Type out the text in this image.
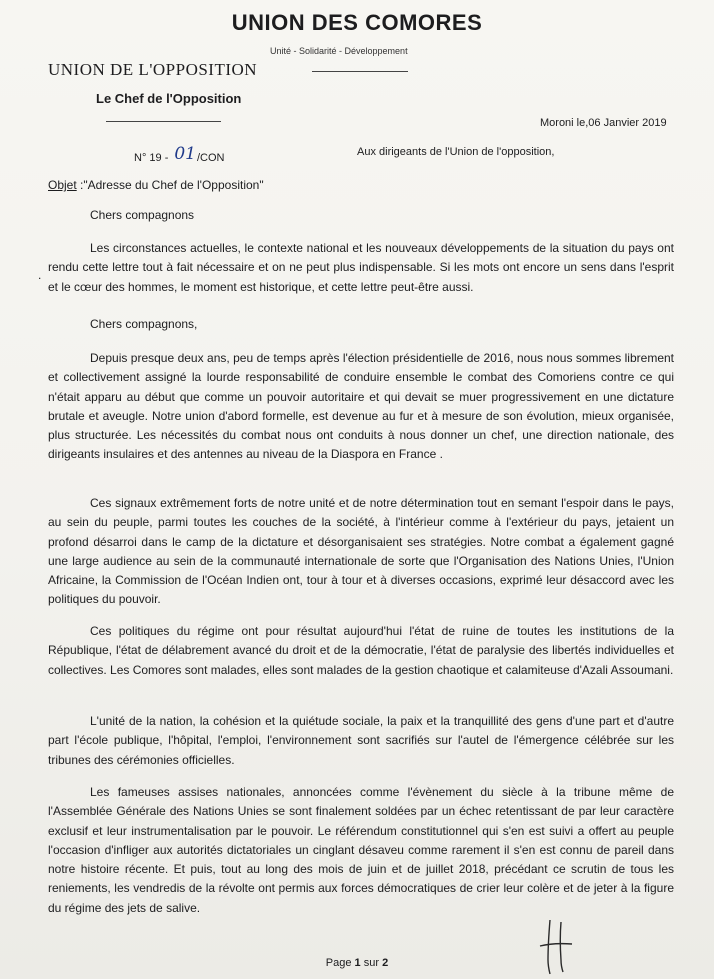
UNION DES COMORES
Unité - Solidarité - Développement
UNION DE L'OPPOSITION
Le Chef de l'Opposition
Moroni le,06 Janvier 2019
N° 19 - 01/CON	Aux dirigeants de l'Union de l'opposition,
Objet :"Adresse du Chef de l'Opposition"
Chers compagnons
.

Les circonstances actuelles, le contexte national et les nouveaux développements de la situation du pays ont rendu cette lettre tout à fait nécessaire et on ne peut plus indispensable. Si les mots ont encore un sens dans l'esprit et le cœur des hommes, le moment est historique, et cette lettre peut-être aussi.

Chers compagnons,

Depuis presque deux ans, peu de temps après l'élection présidentielle de 2016, nous nous sommes librement et collectivement assigné la lourde responsabilité de conduire ensemble le combat des Comoriens contre ce qui n'était apparu au début que comme un pouvoir autoritaire et qui devait se muer progressivement en une dictature brutale et aveugle. Notre union d'abord formelle, est devenue au fur et à mesure de son évolution, mieux organisée, plus structurée. Les nécessités du combat nous ont conduits à nous donner un chef, une direction nationale, des dirigeants insulaires et des antennes au niveau de la Diaspora en France .

Ces signaux extrêmement forts de notre unité et de notre détermination tout en semant l'espoir dans le pays, au sein du peuple, parmi toutes les couches de la société, à l'intérieur comme à l'extérieur du pays, jetaient un profond désarroi dans le camp de la dictature et désorganisaient ses stratégies. Notre combat a également gagné une large audience au sein de la communauté internationale de sorte que l'Organisation des Nations Unies, l'Union Africaine, la Commission de l'Océan Indien ont, tour à tour et à diverses occasions, exprimé leur désaccord avec les politiques du pouvoir.

Ces politiques du régime ont pour résultat aujourd'hui l'état de ruine de toutes les institutions de la République, l'état de délabrement avancé du droit et de la démocratie, l'état de paralysie des libertés individuelles et collectives. Les Comores sont malades, elles sont malades de la gestion chaotique et calamiteuse d'Azali Assoumani.

L'unité de la nation, la cohésion et la quiétude sociale, la paix et la tranquillité des gens d'une part et d'autre part l'école publique, l'hôpital, l'emploi, l'environnement sont sacrifiés sur l'autel de l'émergence célébrée sur les tribunes des cérémonies officielles.

Les fameuses assises nationales, annoncées comme l'évènement du siècle à la tribune même de l'Assemblée Générale des Nations Unies se sont finalement soldées par un échec retentissant de par leur caractère exclusif et leur instrumentalisation par le pouvoir. Le référendum constitutionnel qui s'en est suivi a offert au peuple l'occasion d'infliger aux autorités dictatoriales un cinglant désaveu comme rarement il s'en est connu de pareil dans notre histoire récente. Et puis, tout au long des mois de juin et de juillet 2018, précédant ce scrutin de tous les reniements, les vendredis de la révolte ont permis aux forces démocratiques de crier leur colère et de jeter à la figure du régime des jets de salive.

Page 1 sur 2
